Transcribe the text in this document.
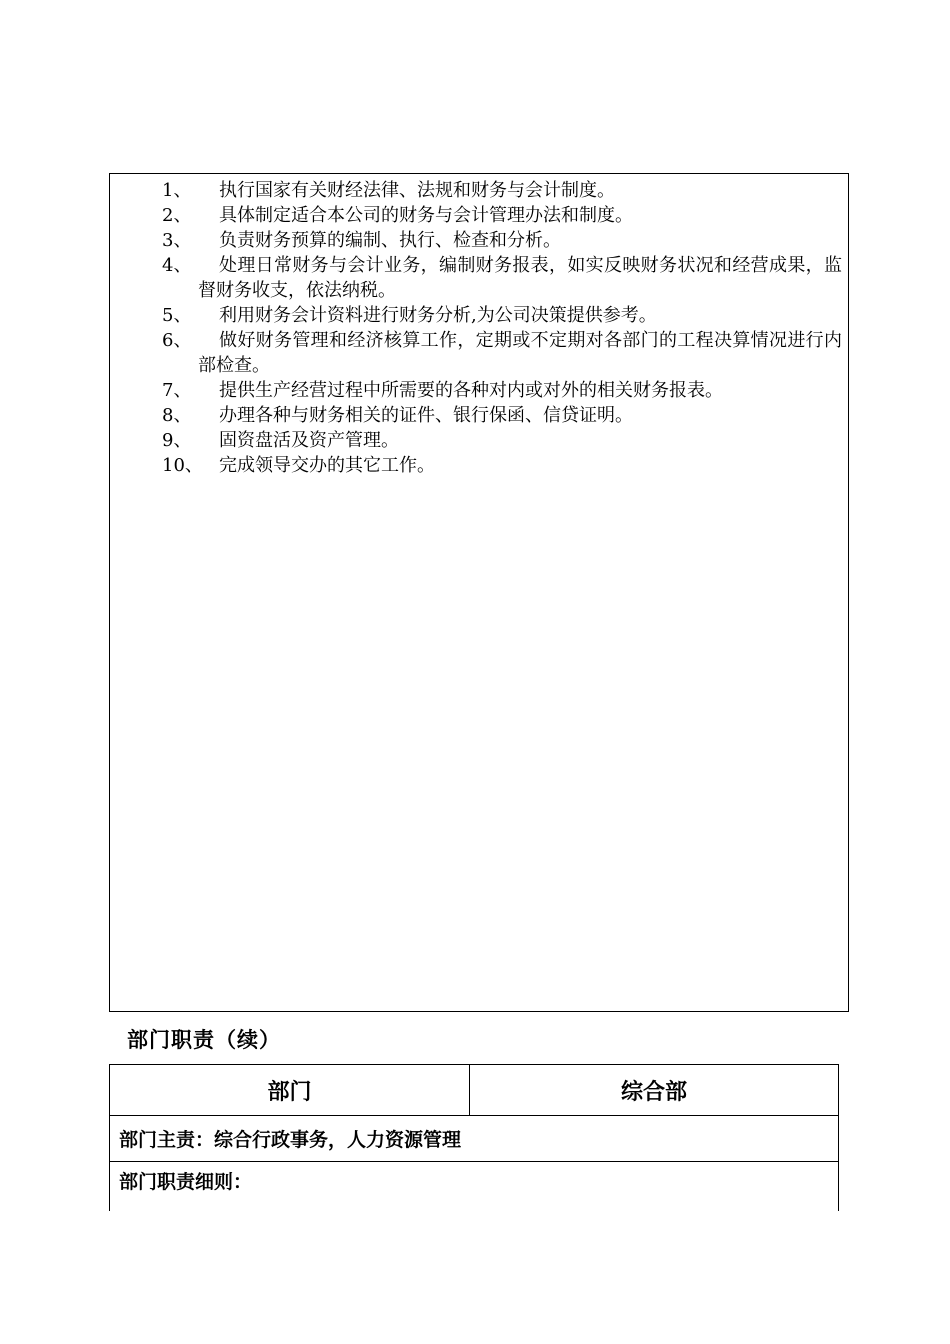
1、	执行国家有关财经法律、法规和财务与会计制度。
2、	具体制定适合本公司的财务与会计管理办法和制度。
3、	负责财务预算的编制、执行、检查和分析。
4、	处理日常财务与会计业务，编制财务报表，如实反映财务状况和经营成果，监督财务收支，依法纳税。
5、	利用财务会计资料进行财务分析,为公司决策提供参考。
6、	做好财务管理和经济核算工作，定期或不定期对各部门的工程决算情况进行内部检查。
7、	提供生产经营过程中所需要的各种对内或对外的相关财务报表。
8、	办理各种与财务相关的证件、银行保函、信贷证明。
9、	固资盘活及资产管理。
10、 完成领导交办的其它工作。
部门职责（续）
部门	综合部
部门主责：综合行政事务，人力资源管理
部门职责细则：
